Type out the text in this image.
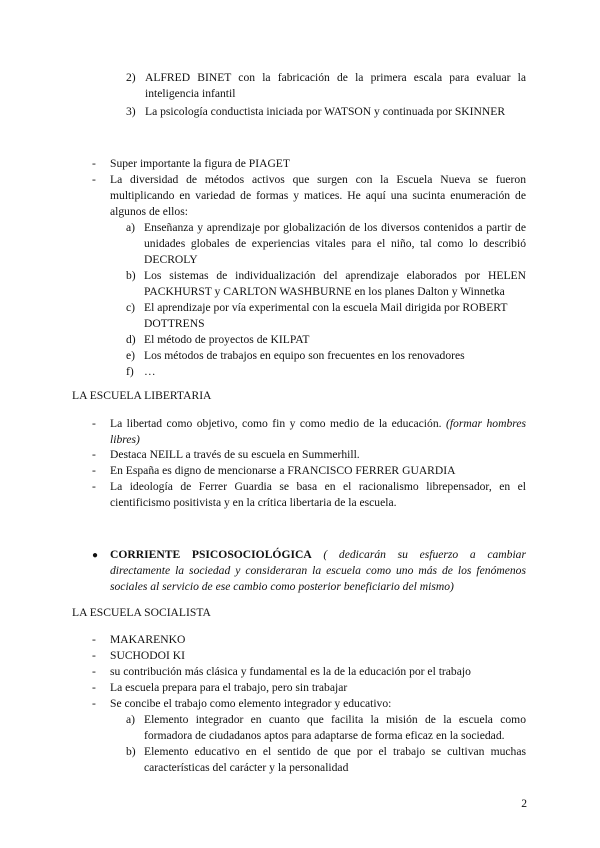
2) ALFRED BINET con la fabricación de la primera escala para evaluar la inteligencia infantil
3) La psicología conductista iniciada por WATSON y continuada por SKINNER
- Super importante la figura de PIAGET
- La diversidad de métodos activos que surgen con la Escuela Nueva se fueron multiplicando en variedad de formas y matices. He aquí una sucinta enumeración de algunos de ellos:
a) Enseñanza y aprendizaje por globalización de los diversos contenidos a partir de unidades globales de experiencias vitales para el niño, tal como lo describió DECROLY
b) Los sistemas de individualización del aprendizaje elaborados por HELEN PACKHURST y CARLTON WASHBURNE en los planes Dalton y Winnetka
c) El aprendizaje por vía experimental con la escuela Mail dirigida por ROBERT DOTTRENS
d) El método de proyectos de KILPAT
e) Los métodos de trabajos en equipo son frecuentes en los renovadores
f) …
LA ESCUELA LIBERTARIA
- La libertad como objetivo, como fin y como medio de la educación. (formar hombres libres)
- Destaca NEILL a través de su escuela en Summerhill.
- En España es digno de mencionarse a FRANCISCO FERRER GUARDIA
- La ideología de Ferrer Guardia se basa en el racionalismo librepensador, en el cientificismo positivista y en la crítica libertaria de la escuela.
● CORRIENTE PSICOSOCIOLÓGICA ( dedicarán su esfuerzo a cambiar directamente la sociedad y consideraran la escuela como uno más de los fenómenos sociales al servicio de ese cambio como posterior beneficiario del mismo)
LA ESCUELA SOCIALISTA
- MAKARENKO
- SUCHODOI KI
- su contribución más clásica y fundamental es la de la educación por el trabajo
- La escuela prepara para el trabajo, pero sin trabajar
- Se concibe el trabajo como elemento integrador y educativo:
a) Elemento integrador en cuanto que facilita la misión de la escuela como formadora de ciudadanos aptos para adaptarse de forma eficaz en la sociedad.
b) Elemento educativo en el sentido de que por el trabajo se cultivan muchas características del carácter y la personalidad
2
